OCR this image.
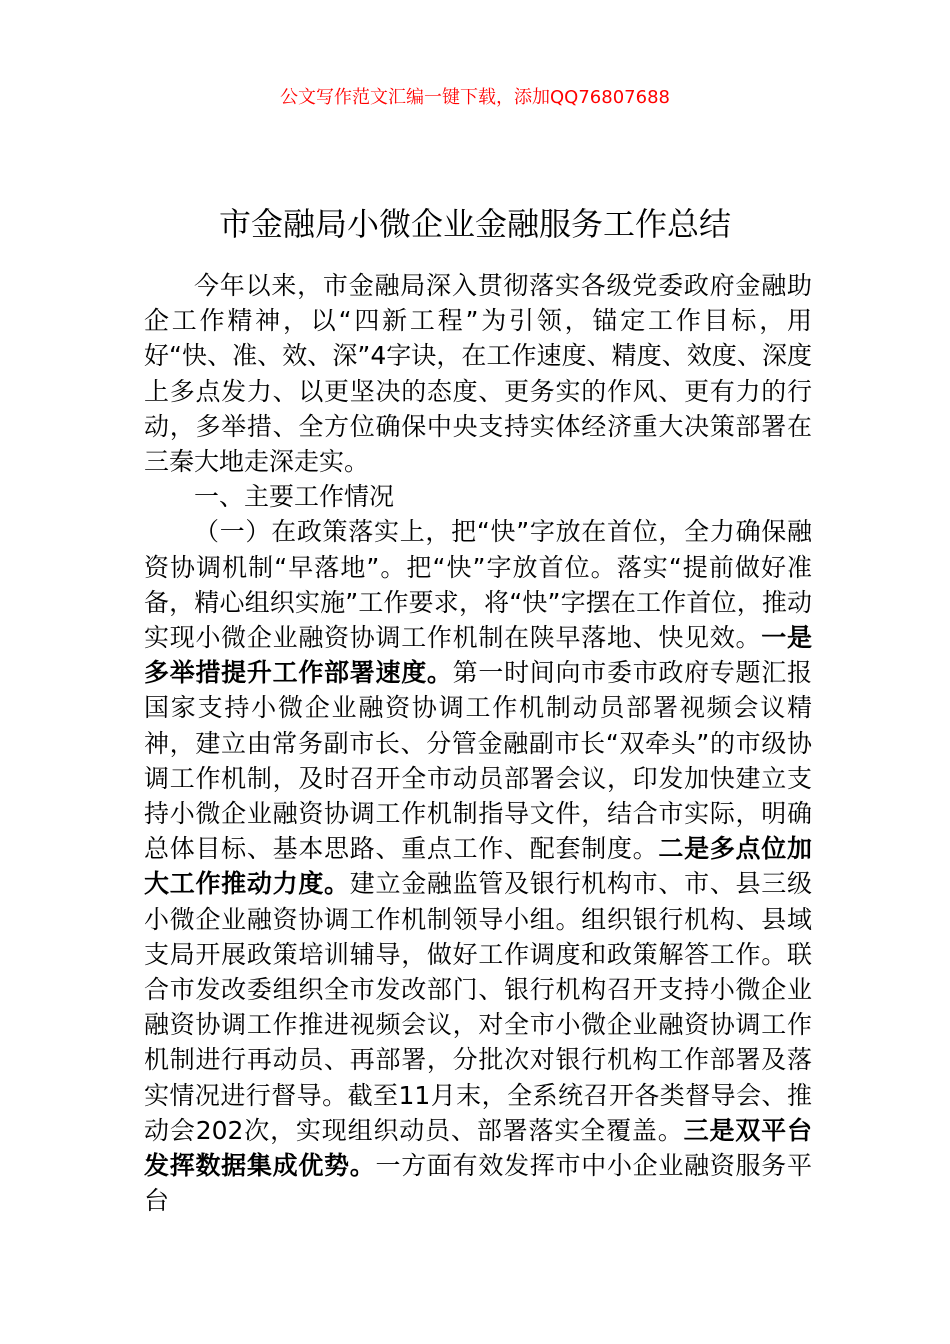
公文写作范文汇编一键下载，添加QQ76807688
市金融局小微企业金融服务工作总结

今年以来，市金融局深入贯彻落实各级党委政府金融助企工作精神，以“四新工程”为引领，锚定工作目标，用好“快、准、效、深”4字诀，在工作速度、精度、效度、深度上多点发力、以更坚决的态度、更务实的作风、更有力的行动，多举措、全方位确保中央支持实体经济重大决策部署在三秦大地走深走实。

一、主要工作情况

（一）在政策落实上，把“快”字放在首位，全力确保融资协调机制“早落地”。把“快”字放首位。落实“提前做好准备，精心组织实施”工作要求，将“快”字摆在工作首位，推动实现小微企业融资协调工作机制在陕早落地、快见效。一是多举措提升工作部署速度。第一时间向市委市政府专题汇报国家支持小微企业融资协调工作机制动员部署视频会议精神，建立由常务副市长、分管金融副市长“双牵头”的市级协调工作机制，及时召开全市动员部署会议，印发加快建立支持小微企业融资协调工作机制指导文件，结合市实际，明确总体目标、基本思路、重点工作、配套制度。二是多点位加大工作推动力度。建立金融监管及银行机构市、市、县三级小微企业融资协调工作机制领导小组。组织银行机构、县域支局开展政策培训辅导，做好工作调度和政策解答工作。联合市发改委组织全市发改部门、银行机构召开支持小微企业融资协调工作推进视频会议，对全市小微企业融资协调工作机制进行再动员、再部署，分批次对银行机构工作部署及落实情况进行督导。截至11月末，全系统召开各类督导会、推动会202次，实现组织动员、部署落实全覆盖。三是双平台发挥数据集成优势。一方面有效发挥市中小企业融资服务平台
